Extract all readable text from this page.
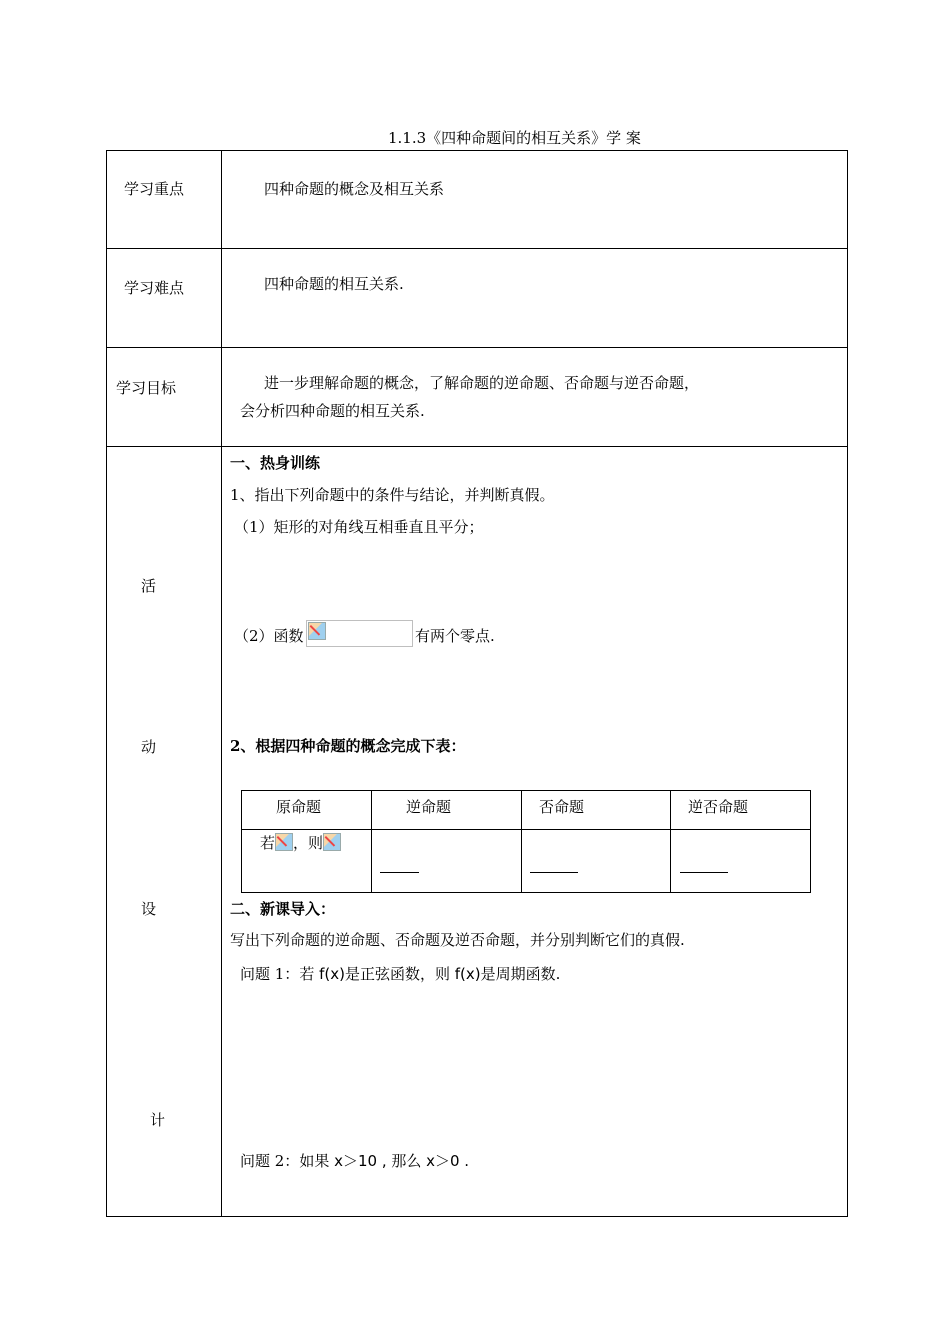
1.1.3《四种命题间的相互关系》学 案
学习重点	四种命题的概念及相互关系
学习难点	四种命题的相互关系.
学习目标	进一步理解命题的概念，了解命题的逆命题、否命题与逆否命题，
会分析四种命题的相互关系.
活
动
设
计
一、热身训练
1、指出下列命题中的条件与结论，并判断真假。
（1）矩形的对角线互相垂直且平分；
（2）函数	有两个零点.
2、根据四种命题的概念完成下表：
原命题	逆命题	否命题	逆否命题
若 ，则
二、新课导入：
写出下列命题的逆命题、否命题及逆否命题，并分别判断它们的真假.
问题 1：若 f(x)是正弦函数，则 f(x)是周期函数.
问题 2：如果 x＞10 , 那么 x＞0 .
